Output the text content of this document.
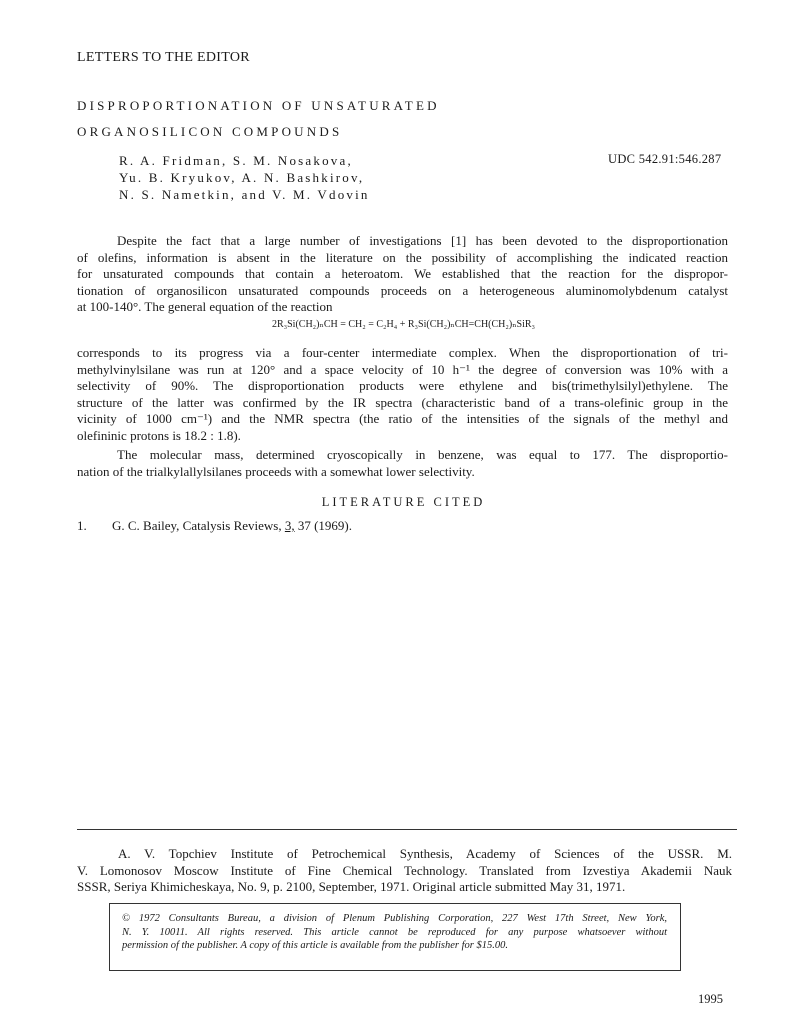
LETTERS TO THE EDITOR
DISPROPORTIONATION OF UNSATURATED
ORGANOSILICON COMPOUNDS
R. A. Fridman, S. M. Nosakova,
Yu. B. Kryukov, A. N. Bashkirov,
N. S. Nametkin, and V. M. Vdovin
UDC 542.91:546.287
Despite the fact that a large number of investigations [1] has been devoted to the disproportionation
of olefins, information is absent in the literature on the possibility of accomplishing the indicated reaction
for unsaturated compounds that contain a heteroatom. We established that the reaction for the dispropor-
tionation of organosilicon unsaturated compounds proceeds on a heterogeneous aluminomolybdenum catalyst
at 100-140°. The general equation of the reaction
2R₃Si(CH₂)ₙCH = CH₂ = C₂H₄ + R₃Si(CH₂)ₙCH=CH(CH₂)ₙSiR₃
corresponds to its progress via a four-center intermediate complex. When the disproportionation of tri-
methylvinylsilane was run at 120° and a space velocity of 10 h⁻¹ the degree of conversion was 10% with a
selectivity of 90%. The disproportionation products were ethylene and bis(trimethylsilyl)ethylene. The
structure of the latter was confirmed by the IR spectra (characteristic band of a trans-olefinic group in the
vicinity of 1000 cm⁻¹) and the NMR spectra (the ratio of the intensities of the signals of the methyl and
olefininic protons is 18.2 : 1.8).
The molecular mass, determined cryoscopically in benzene, was equal to 177. The disproportio-
nation of the trialkylallylsilanes proceeds with a somewhat lower selectivity.
LITERATURE CITED
1. G. C. Bailey, Catalysis Reviews, 3, 37 (1969).
A. V. Topchiev Institute of Petrochemical Synthesis, Academy of Sciences of the USSR. M.
V. Lomonosov Moscow Institute of Fine Chemical Technology. Translated from Izvestiya Akademii Nauk
SSSR, Seriya Khimicheskaya, No. 9, p. 2100, September, 1971. Original article submitted May 31, 1971.
© 1972 Consultants Bureau, a division of Plenum Publishing Corporation, 227 West 17th Street, New York,
N. Y. 10011. All rights reserved. This article cannot be reproduced for any purpose whatsoever without
permission of the publisher. A copy of this article is available from the publisher for $15.00.
1995
